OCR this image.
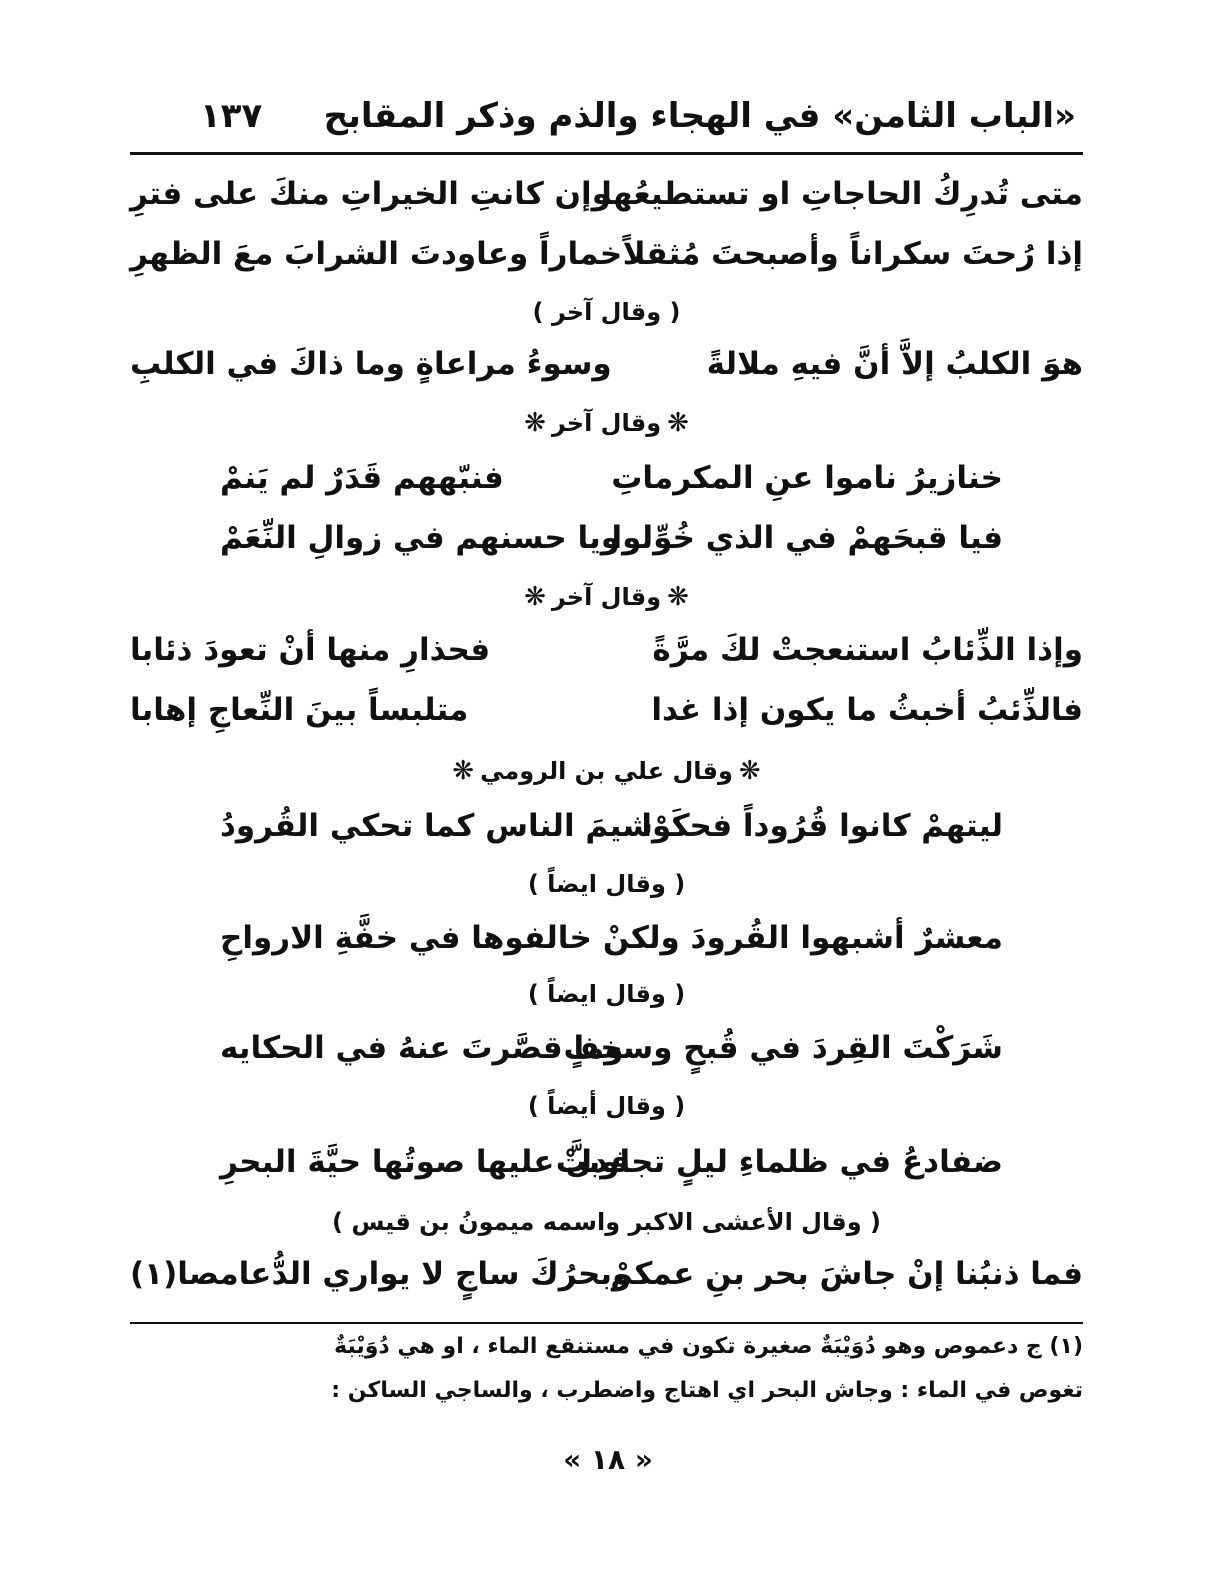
«الباب الثامن» في الهجاء والذم وذكر المقابح
١٣٧
متى تُدرِكُ الحاجاتِ او تستطيعُها
وإن كانتِ الخيراتِ منكَ على فترِ
إذا رُحتَ سكراناً وأصبحتَ مُثقلاً
خماراً وعاودتَ الشرابَ معَ الظهرِ
( وقال آخر )
هوَ الكلبُ إلاَّ أنَّ فيهِ ملالةً
وسوءُ مراعاةٍ وما ذاكَ في الكلبِ
❋وقال آخر❋
خنازيرُ ناموا عنِ المكرماتِ
فنبّههم قَدَرٌ لم يَنمْ
فيا قبحَهمْ في الذي خُوِّلوا
ويا حسنهم في زوالِ النِّعَمْ
❋وقال آخر❋
وإذا الذِّئابُ استنعجتْ لكَ مرَّةً
فحذارِ منها أنْ تعودَ ذئابا
فالذِّئبُ أخبثُ ما يكون إذا غدا
متلبساً بينَ النِّعاجِ إهابا
❋وقال علي بن الرومي❋
ليتهمْ كانوا قُرُوداً فحكَوْا
شيمَ الناس كما تحكي القُرودُ
( وقال ايضاً )
معشرٌ أشبهوا القُرودَ ولكنْ
خالفوها في خفَّةِ الارواحِ
( وقال ايضاً )
شَرَكْتَ القِردَ في قُبحٍ وسخفٍ
وما قصَّرتَ عنهُ في الحكايه
( وقال أيضاً )
ضفادعُ في ظلماءِ ليلٍ تجاوبتْ
فدلَّ عليها صوتُها حيَّةَ البحرِ
( وقال الأعشى الاكبر واسمه ميمونُ بن قيس )
فما ذنبُنا إنْ جاشَ بحر بنِ عمكمْ
وبحرُكَ ساجٍ لا يواري الدُّعامصا(١)
(١) ج دعموص وهو دُوَيْبَةٌ صغيرة تكون في مستنقع الماء ، او هي دُوَيْبَةٌ
تغوص في الماء : وجاش البحر اي اهتاج واضطرب ، والساجي الساكن :
« ١٨ »
